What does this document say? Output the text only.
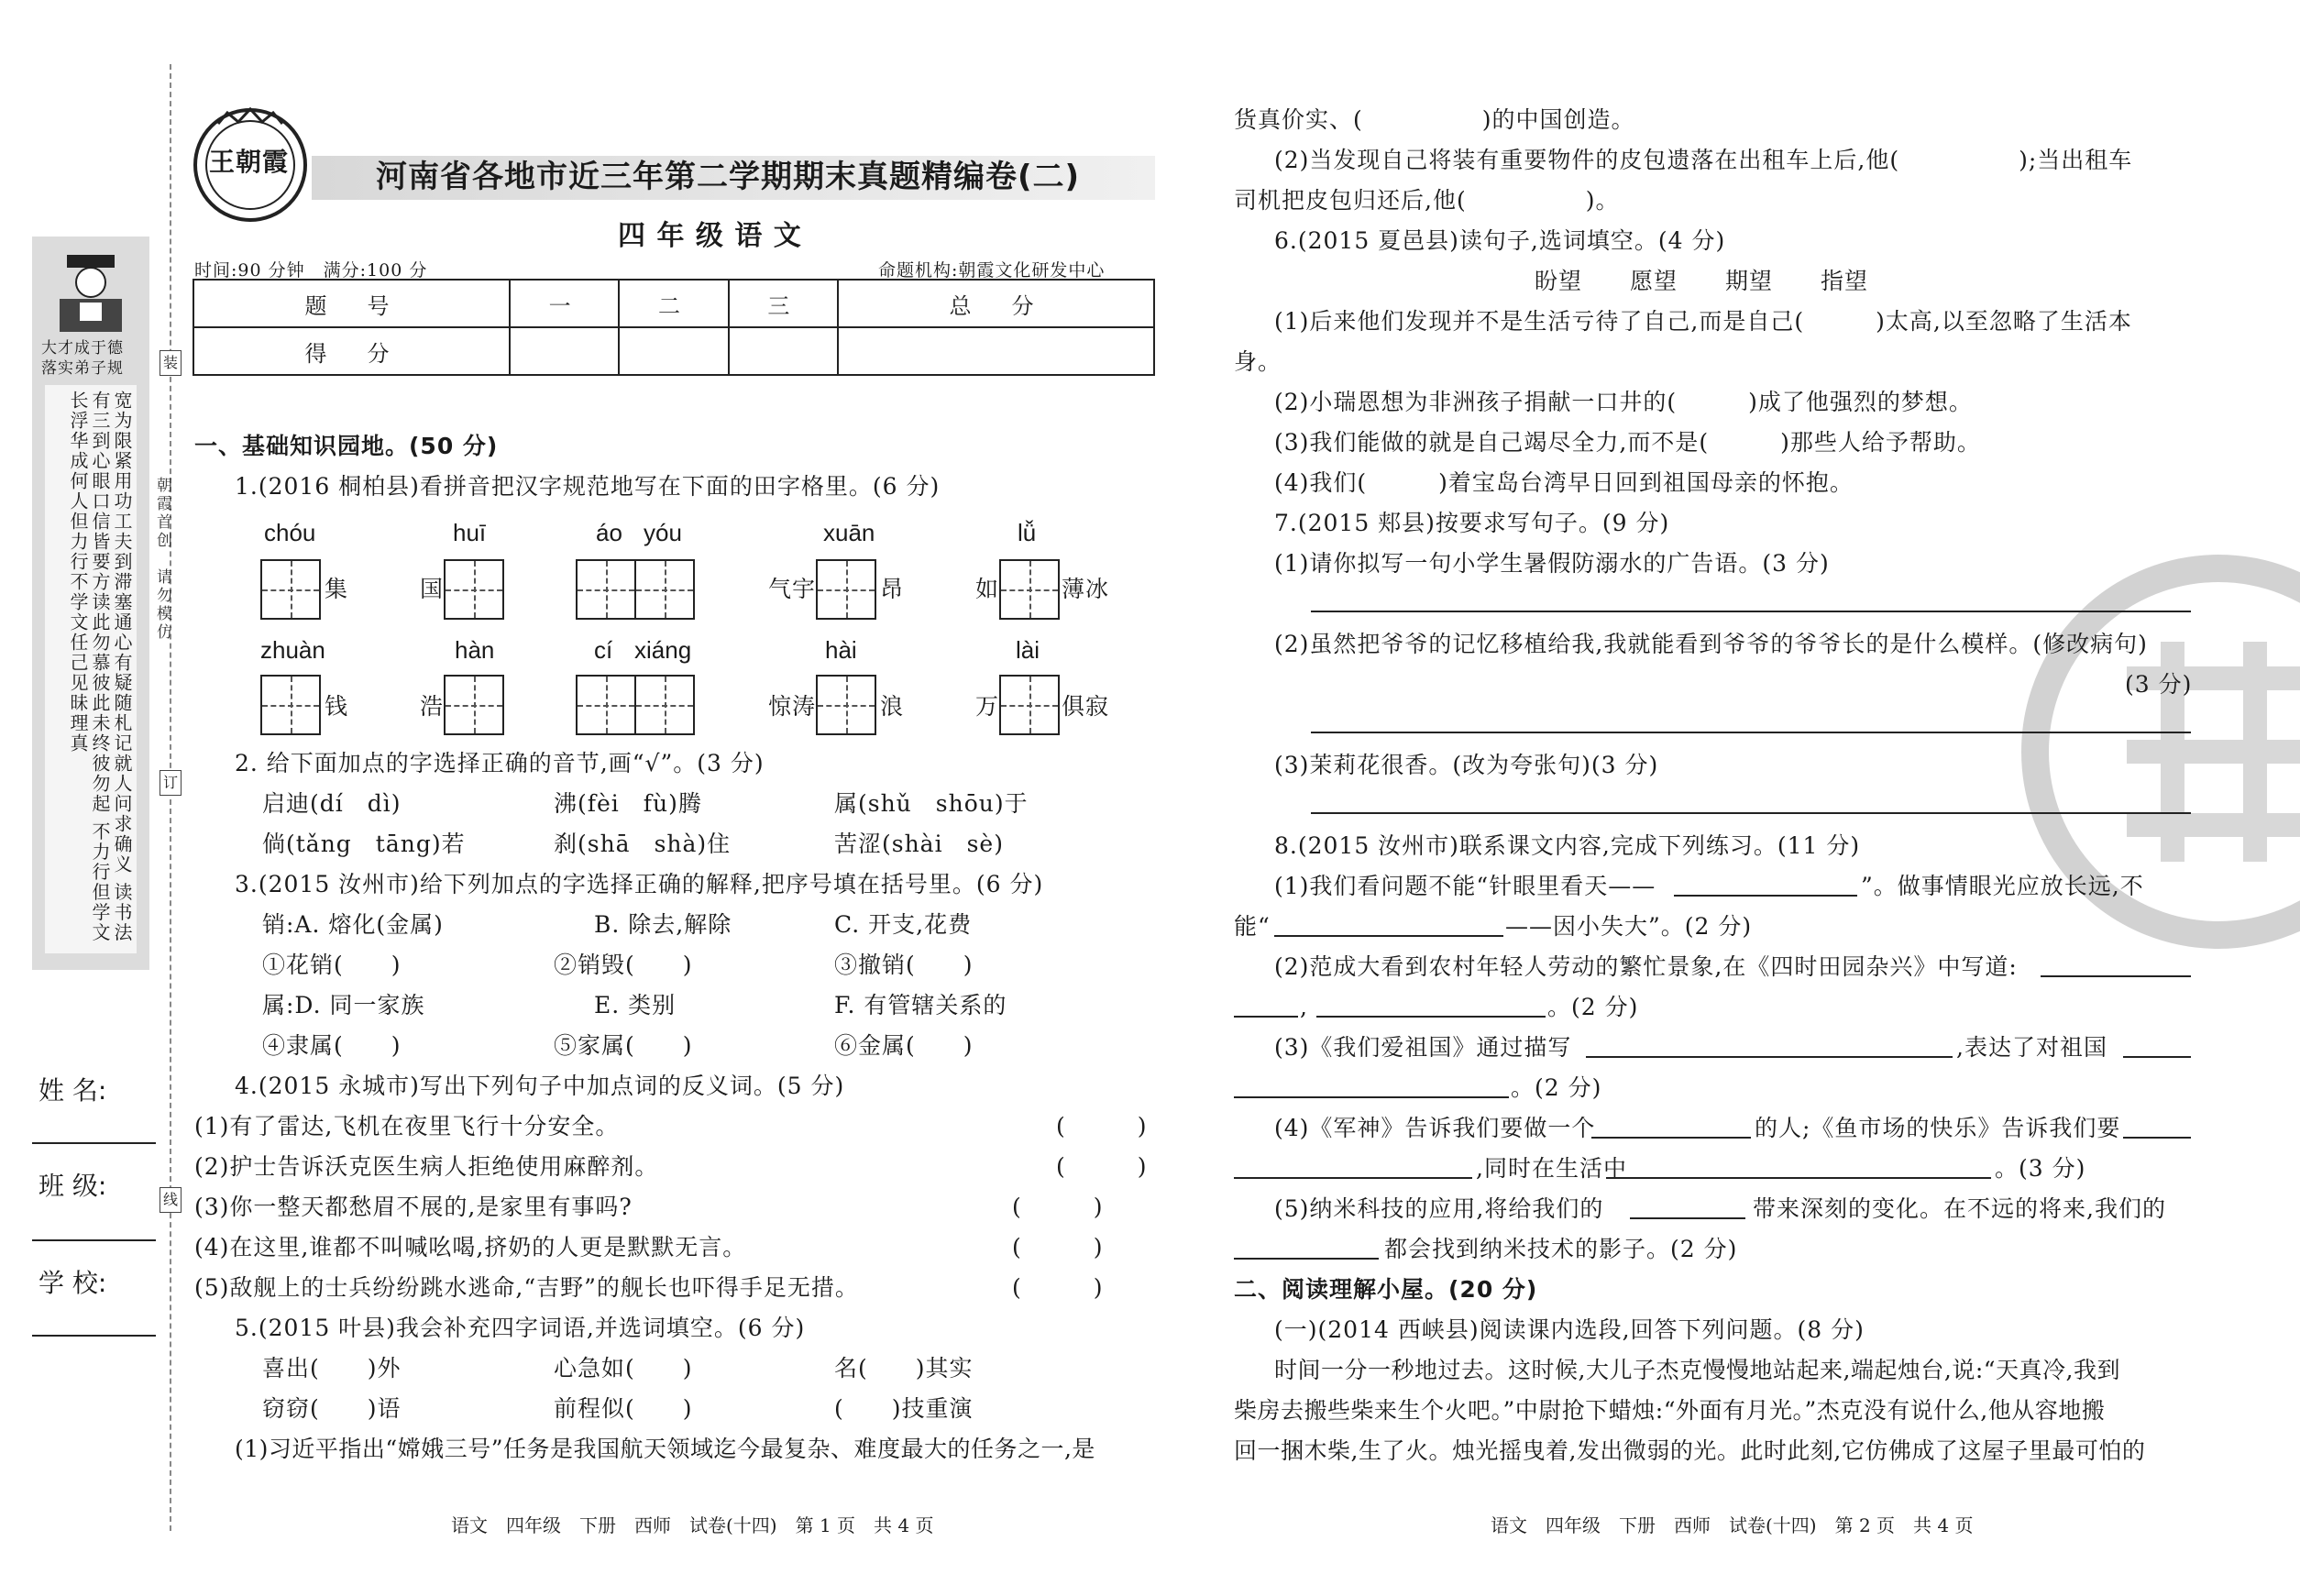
大才成于德
落实弟子规
宽为限紧用功工夫到滞塞通心有疑随札记就人问求确义 读书法有三到心眼口信皆要方读此勿慕彼此未终彼勿起 不力行但学文长浮华成何人但力行不学文任己见昧理真	朝霞首创　请勿模仿
装
订
线
姓 名:
班 级:
学 校:
王朝霞	河南省各地市近三年第二学期期末真题精编卷(二)
四 年 级 语 文
时间:90 分钟　满分:100 分	命题机构:朝霞文化研发中心
题　号	一	二	三	总　分
得　分				
一、基础知识园地。(50 分)
1.(2016 桐柏县)看拼音把汉字规范地写在下面的田字格里。(6 分)
chóu	huī	áo yóu	xuān	lǚ
集	国	气宇	昂	如	薄冰
zhuàn	hàn	cí xiáng	hài	lài
钱	浩	惊涛	浪	万	俱寂
2. 给下面加点的字选择正确的音节,画“√”。(3 分)
启迪(dí　dì)	沸(fèi　fù)腾	属(shǔ　shōu)于
倘(tǎng　tāng)若	刹(shā　shà)住	苦涩(shài　sè)
3.(2015 汝州市)给下列加点的字选择正确的解释,把序号填在括号里。(6 分)
销:A. 熔化(金属)	B. 除去,解除	C. 开支,花费
①花销(　　)	②销毁(　　)	③撤销(　　)
属:D. 同一家族	E. 类别	F. 有管辖关系的
④隶属(　　)	⑤家属(　　)	⑥金属(　　)
4.(2015 永城市)写出下列句子中加点词的反义词。(5 分)
(1)有了雷达,飞机在夜里飞行十分安全。	(　　　)
(2)护士告诉沃克医生病人拒绝使用麻醉剂。	(　　　)
(3)你一整天都愁眉不展的,是家里有事吗?	(　　　)
(4)在这里,谁都不叫喊吆喝,挤奶的人更是默默无言。	(　　　)
(5)敌舰上的士兵纷纷跳水逃命,“吉野”的舰长也吓得手足无措。	(　　　)
5.(2015 叶县)我会补充四字词语,并选词填空。(6 分)
喜出(　　)外	心急如(　　)	名(　　)其实
窃窃(　　)语	前程似(　　)	(　　)技重演
(1)习近平指出“嫦娥三号”任务是我国航天领域迄今最复杂、难度最大的任务之一,是
语文　四年级　下册　西师　试卷(十四)　第 1 页　共 4 页
货真价实、(　　　　　)的中国创造。
(2)当发现自己将装有重要物件的皮包遗落在出租车上后,他(　　　　　);当出租车
司机把皮包归还后,他(　　　　　)。
6.(2015 夏邑县)读句子,选词填空。(4 分)
盼望　　愿望　　期望　　指望
(1)后来他们发现并不是生活亏待了自己,而是自己(　　　)太高,以至忽略了生活本
身。
(2)小瑞恩想为非洲孩子捐献一口井的(　　　)成了他强烈的梦想。
(3)我们能做的就是自己竭尽全力,而不是(　　　)那些人给予帮助。
(4)我们(　　　)着宝岛台湾早日回到祖国母亲的怀抱。
7.(2015 郏县)按要求写句子。(9 分)
(1)请你拟写一句小学生暑假防溺水的广告语。(3 分)
(2)虽然把爷爷的记忆移植给我,我就能看到爷爷的爷爷长的是什么模样。(修改病句)
(3 分)
(3)茉莉花很香。(改为夸张句)(3 分)
8.(2015 汝州市)联系课文内容,完成下列练习。(11 分)
(1)我们看问题不能“针眼里看天——	”。做事情眼光应放长远,不
能“	——因小失大”。(2 分)
(2)范成大看到农村年轻人劳动的繁忙景象,在《四时田园杂兴》中写道:
,	。(2 分)
(3)《我们爱祖国》通过描写	,表达了对祖国
。(2 分)
(4)《军神》告诉我们要做一个	的人;《鱼市场的快乐》告诉我们要
,同时在生活中	。(3 分)
(5)纳米科技的应用,将给我们的	带来深刻的变化。在不远的将来,我们的
都会找到纳米技术的影子。(2 分)
二、阅读理解小屋。(20 分)
(一)(2014 西峡县)阅读课内选段,回答下列问题。(8 分)
时间一分一秒地过去。这时候,大儿子杰克慢慢地站起来,端起烛台,说:“天真冷,我到
柴房去搬些柴来生个火吧。”中尉抢下蜡烛:“外面有月光。”杰克没有说什么,他从容地搬
回一捆木柴,生了火。烛光摇曳着,发出微弱的光。此时此刻,它仿佛成了这屋子里最可怕的
语文　四年级　下册　西师　试卷(十四)　第 2 页　共 4 页
